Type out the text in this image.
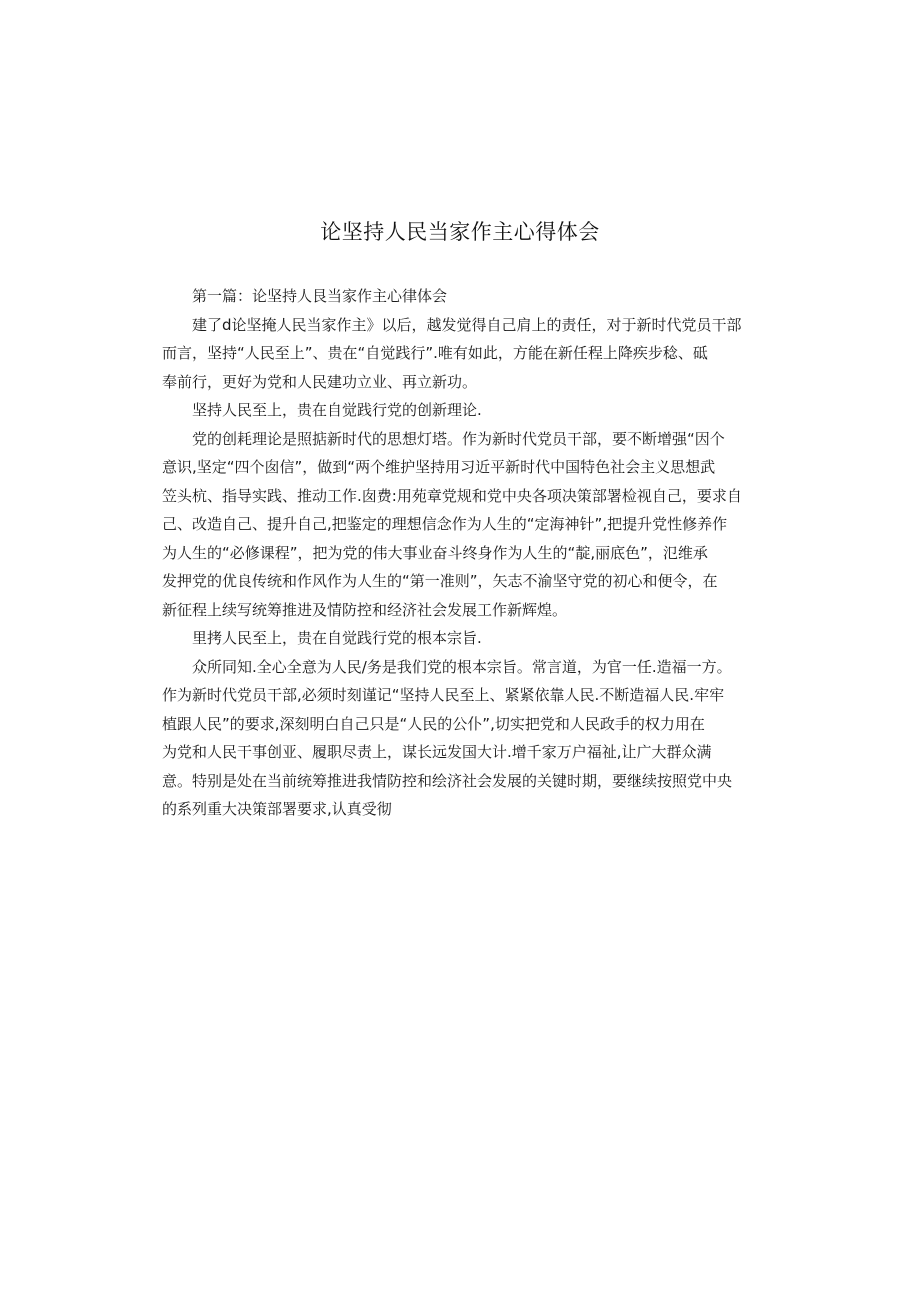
论坚持人民当家作主心得体会

第一篇：论坚持人艮当家作主心律体会

建了d论坚掩人民当家作主》以后，越发觉得自己肩上的责任，对于新时代党员干部

而言，坚持“人民至上”、贵在“自觉践行”.唯有如此，方能在新任程上降疾步稔、砥
奉前行，更好为党和人民建功立业、再立新功。

坚持人民至上，贵在自觉践行党的创新理论.

党的创耗理论是照掂新时代的思想灯塔。作为新时代党员干部，要不断增强“因个

意识,坚定“四个囱信”，做到“两个维护坚持用习近平新时代中国特色社会主义思想武
笠头杭、指导实践、推动工作.囱费:用苑章党规和党中央各项决策部署检视自己，要求自
己、改造自己、提升自己,把鉴定的理想信念作为人生的“定海神针”,把提升党性修养作
为人生的“必修课程”，把为党的伟大事业奋斗终身作为人生的“靛,丽底色”，氾维承
发押党的优良传统和作风作为人生的“第一准则”，矢志不渝坚守党的初心和便令，在
新征程上续写统筹推进及情防控和经济社会发展工作新辉煌。

里拷人民至上，贵在自觉践行党的根本宗旨.

众所同知.全心全意为人民/务是我们党的根本宗旨。常言道，为官一任.造福一方。

作为新时代党员干部,必须时刻谨记“坚持人民至上、紧紧依靠人民.不断造福人民.牢牢
植跟人民”的要求,深刻明白自己只是“人民的公仆”,切实把党和人民政手的权力用在
为党和人民干事创亚、履职尽责上，谋长远发国大计.增千家万户福祉,让广大群众满
意。特别是处在当前统筹推进我情防控和绘济社会发展的关键时期，要继续按照党中央
的系列重大决策部署要求,认真受彻
